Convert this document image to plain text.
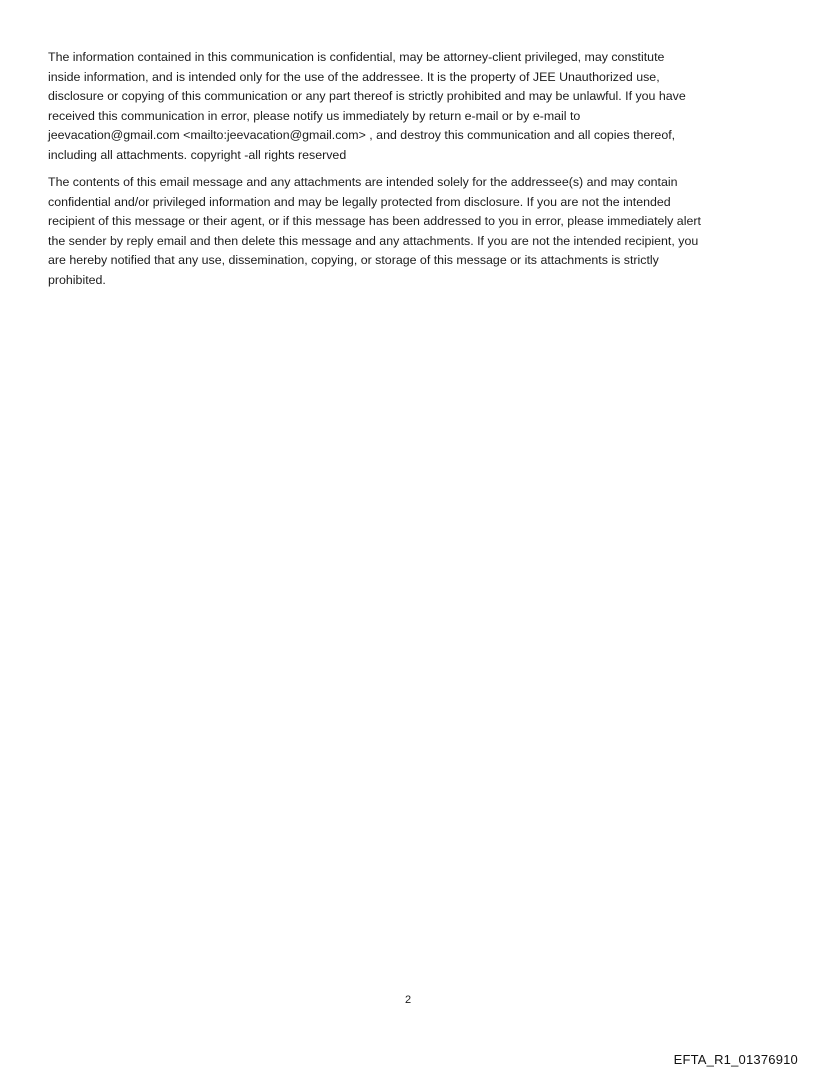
The information contained in this communication is confidential, may be attorney-client privileged, may constitute
inside information, and is intended only for the use of the addressee. It is the property of JEE Unauthorized use,
disclosure or copying of this communication or any part thereof is strictly prohibited and may be unlawful. If you have
received this communication in error, please notify us immediately by return e-mail or by e-mail to
jeevacation@gmail.com <mailto:jeevacation@gmail.com> , and destroy this communication and all copies thereof,
including all attachments. copyright -all rights reserved

The contents of this email message and any attachments are intended solely for the addressee(s) and may contain
confidential and/or privileged information and may be legally protected from disclosure. If you are not the intended
recipient of this message or their agent, or if this message has been addressed to you in error, please immediately alert
the sender by reply email and then delete this message and any attachments. If you are not the intended recipient, you
are hereby notified that any use, dissemination, copying, or storage of this message or its attachments is strictly
prohibited.

2
EFTA_R1_01376910
